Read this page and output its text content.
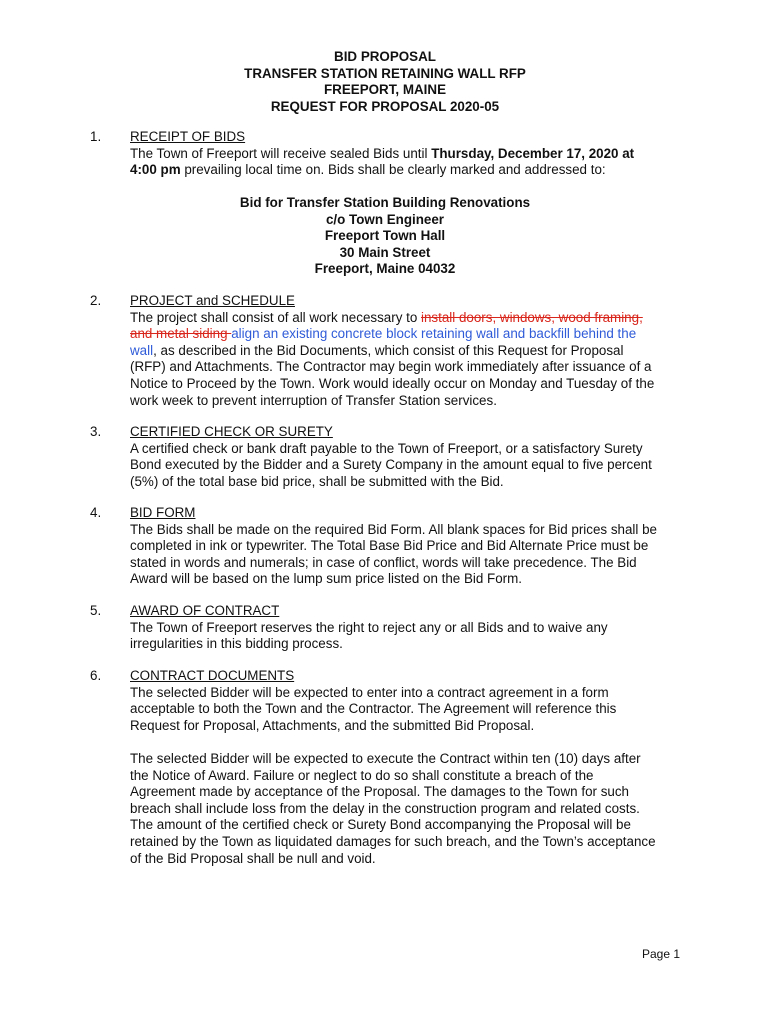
BID PROPOSAL
TRANSFER STATION RETAINING WALL RFP
FREEPORT, MAINE
REQUEST FOR PROPOSAL 2020-05
1. RECEIPT OF BIDS

The Town of Freeport will receive sealed Bids until Thursday, December 17, 2020 at
4:00 pm prevailing local time on. Bids shall be clearly marked and addressed to:

Bid for Transfer Station Building Renovations
c/o Town Engineer
Freeport Town Hall
30 Main Street
Freeport, Maine 04032
2. PROJECT and SCHEDULE

The project shall consist of all work necessary to install doors, windows, wood framing,
and metal siding align an existing concrete block retaining wall and backfill behind the
wall, as described in the Bid Documents, which consist of this Request for Proposal
(RFP) and Attachments. The Contractor may begin work immediately after issuance of a
Notice to Proceed by the Town. Work would ideally occur on Monday and Tuesday of the
work week to prevent interruption of Transfer Station services.

3. CERTIFIED CHECK OR SURETY

A certified check or bank draft payable to the Town of Freeport, or a satisfactory Surety
Bond executed by the Bidder and a Surety Company in the amount equal to five percent
(5%) of the total base bid price, shall be submitted with the Bid.

4. BID FORM

The Bids shall be made on the required Bid Form. All blank spaces for Bid prices shall be
completed in ink or typewriter. The Total Base Bid Price and Bid Alternate Price must be
stated in words and numerals; in case of conflict, words will take precedence. The Bid
Award will be based on the lump sum price listed on the Bid Form.

5. AWARD OF CONTRACT

The Town of Freeport reserves the right to reject any or all Bids and to waive any
irregularities in this bidding process.

6. CONTRACT DOCUMENTS

The selected Bidder will be expected to enter into a contract agreement in a form
acceptable to both the Town and the Contractor. The Agreement will reference this
Request for Proposal, Attachments, and the submitted Bid Proposal.

The selected Bidder will be expected to execute the Contract within ten (10) days after
the Notice of Award. Failure or neglect to do so shall constitute a breach of the
Agreement made by acceptance of the Proposal. The damages to the Town for such
breach shall include loss from the delay in the construction program and related costs.
The amount of the certified check or Surety Bond accompanying the Proposal will be
retained by the Town as liquidated damages for such breach, and the Town’s acceptance
of the Bid Proposal shall be null and void.

Page 1
